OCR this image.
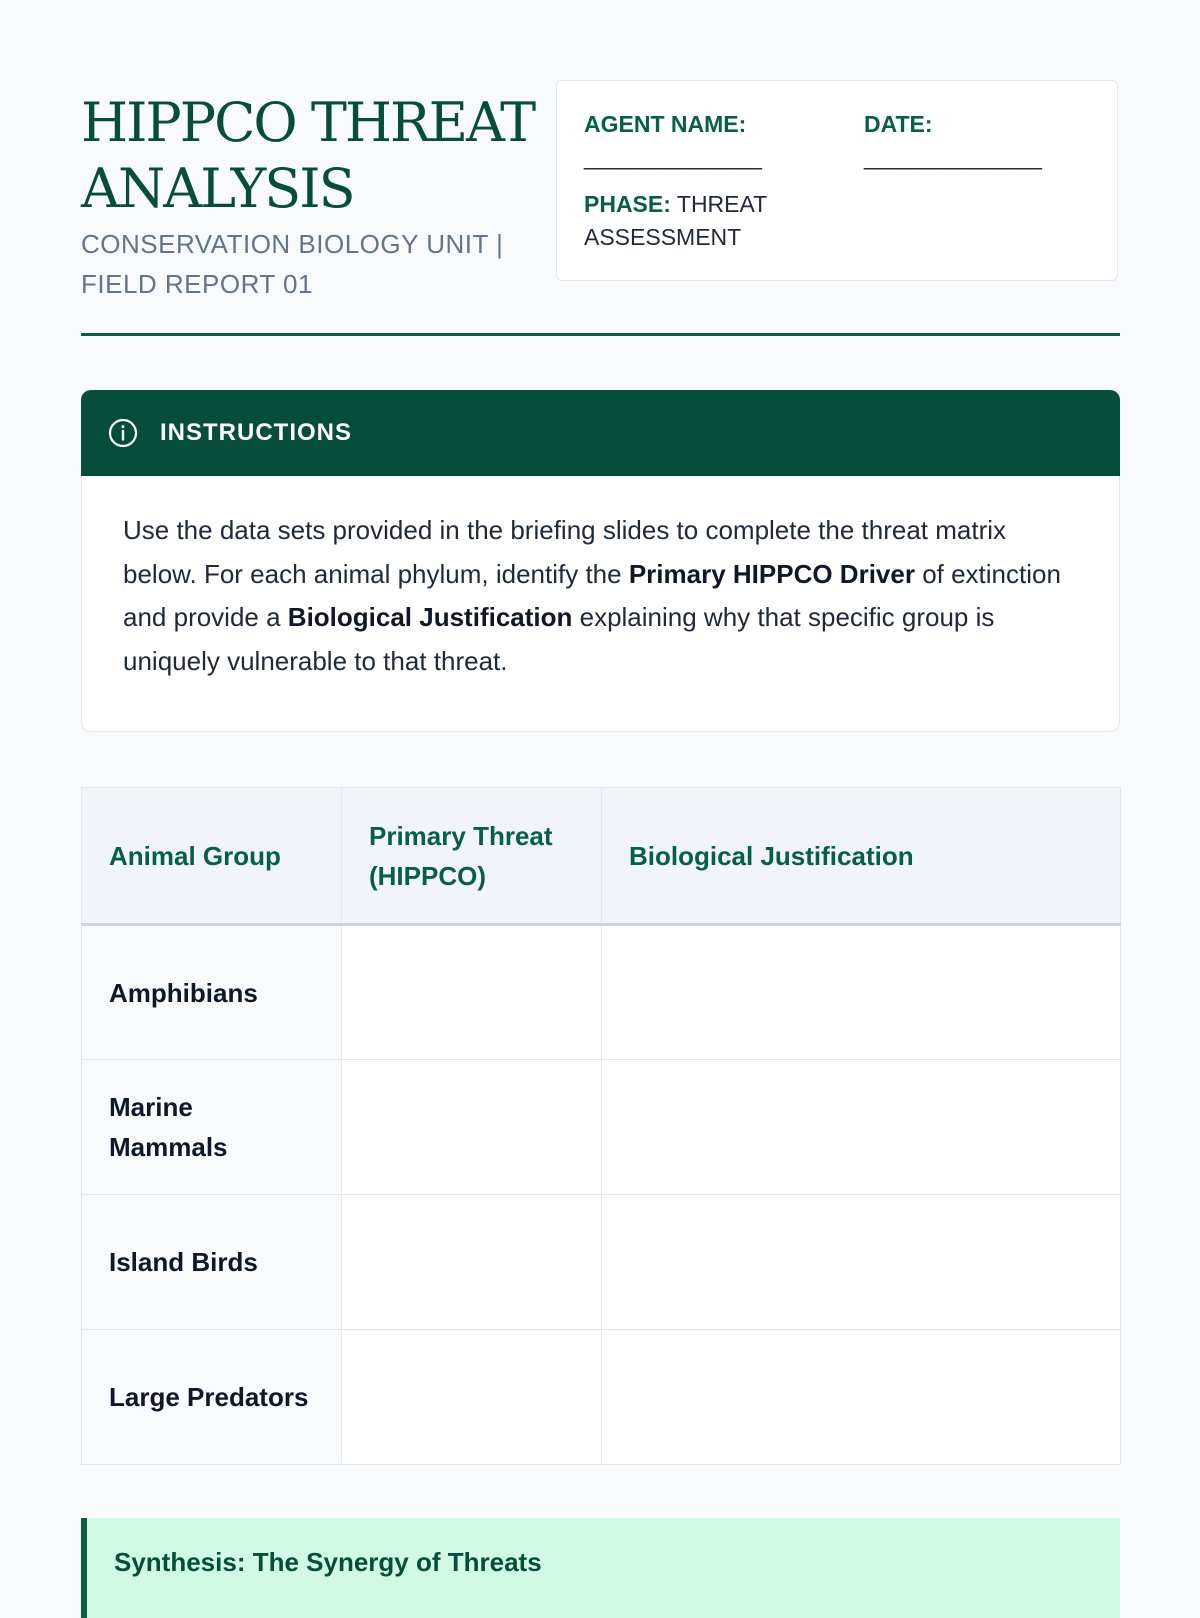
HIPPCO THREAT
ANALYSIS
CONSERVATION BIOLOGY UNIT | FIELD REPORT 01
AGENT NAME:
_______________
DATE:
_______________
PHASE: THREAT ASSESSMENT
INSTRUCTIONS

Use the data sets provided in the briefing slides to complete the threat matrix below. For each animal phylum, identify the Primary HIPPCO Driver of extinction and provide a Biological Justification explaining why that specific group is uniquely vulnerable to that threat.

Animal Group	Primary Threat (HIPPCO)	Biological Justification
Amphibians		
Marine Mammals		
Island Birds		
Large Predators		
Synthesis: The Synergy of Threats
